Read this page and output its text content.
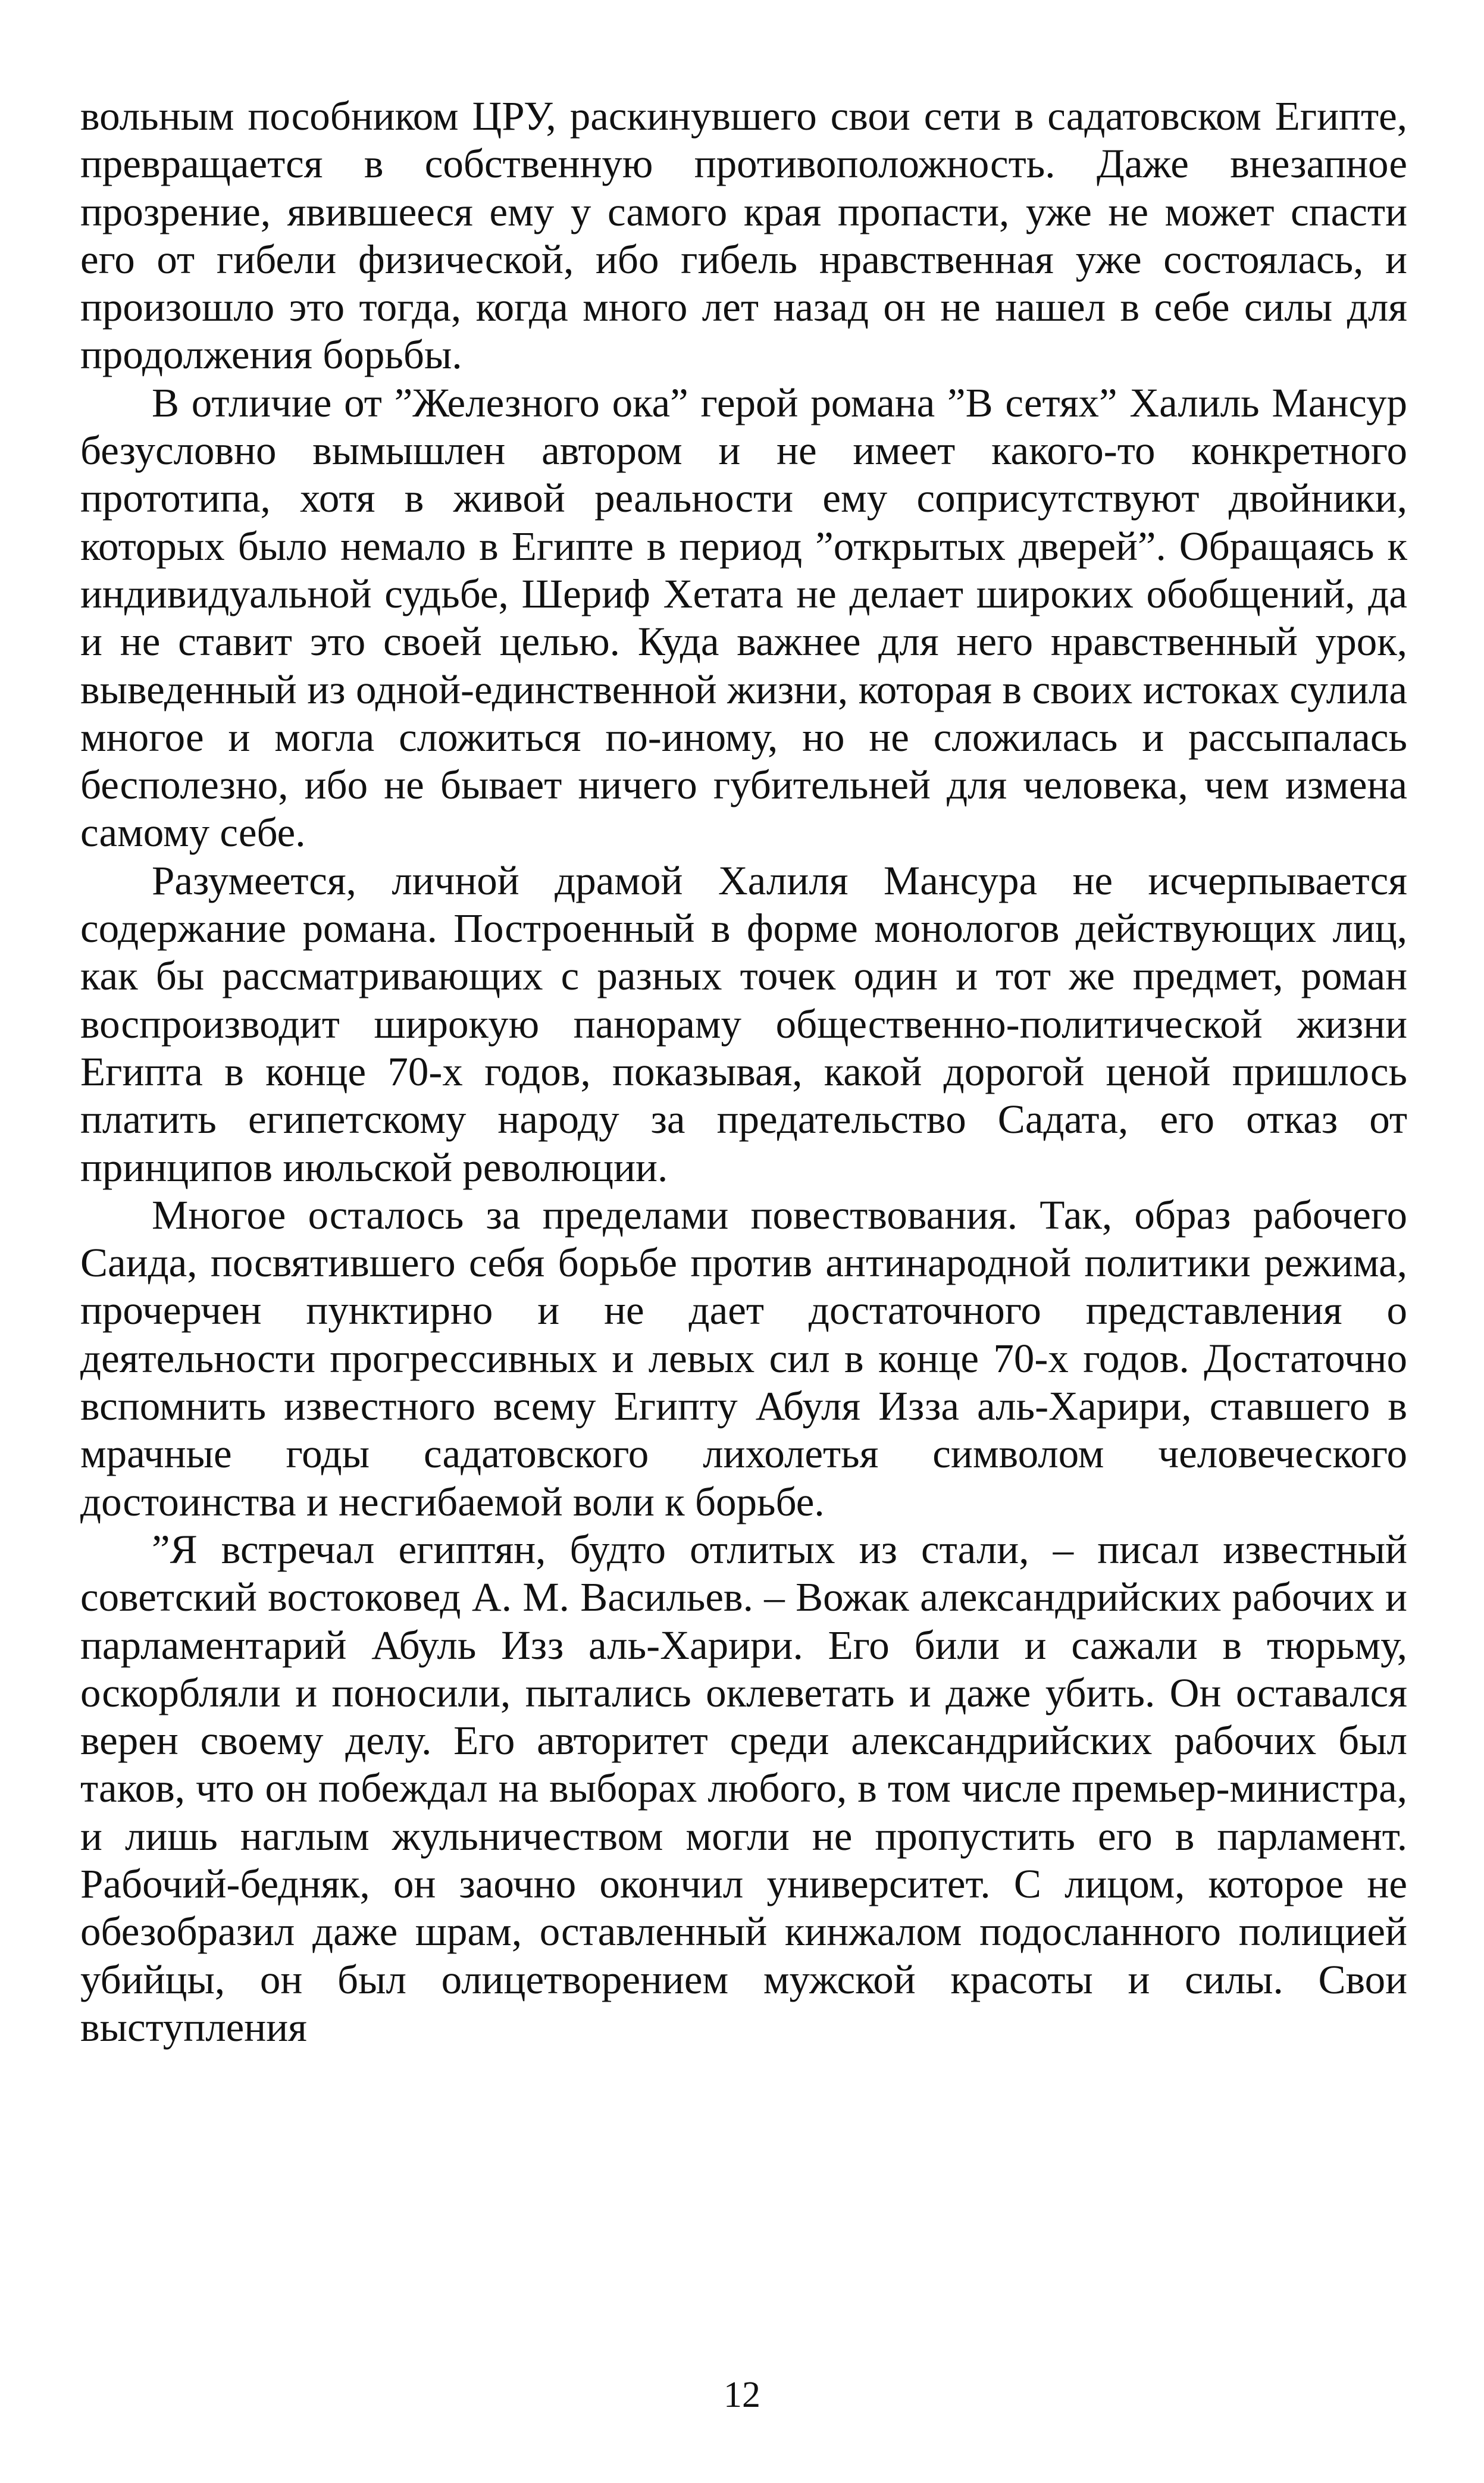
вольным пособником ЦРУ, раскинувшего свои сети в садатовском Египте, превращается в собственную противоположность. Даже внезапное прозрение, явившееся ему у самого края пропасти, уже не может спасти его от гибели физической, ибо гибель нравственная уже состоялась, и произошло это тогда, когда много лет назад он не нашел в себе силы для продолжения борьбы.

В отличие от ”Железного ока” герой романа ”В сетях” Халиль Мансур безусловно вымышлен автором и не имеет какого-то конкретного прототипа, хотя в живой реальности ему соприсутствуют двойники, которых было немало в Египте в период ”открытых дверей”. Обращаясь к индивидуальной судьбе, Шериф Хетата не делает широких обобщений, да и не ставит это своей целью. Куда важнее для него нравственный урок, выведенный из одной-единственной жизни, которая в своих истоках сулила многое и могла сложиться по-иному, но не сложилась и рассыпалась бесполезно, ибо не бывает ничего губительней для человека, чем измена самому себе.

Разумеется, личной драмой Халиля Мансура не исчерпывается содержание романа. Построенный в форме монологов действующих лиц, как бы рассматривающих с разных точек один и тот же предмет, роман воспроизводит широкую панораму общественно-политической жизни Египта в конце 70-х годов, показывая, какой дорогой ценой пришлось платить египетскому народу за предательство Садата, его отказ от принципов июльской революции.

Многое осталось за пределами повествования. Так, образ рабочего Саида, посвятившего себя борьбе против антинародной политики режима, прочерчен пунктирно и не дает достаточного представления о деятельности прогрессивных и левых сил в конце 70-х годов. Достаточно вспомнить известного всему Египту Абуля Изза аль-Харири, ставшего в мрачные годы садатовского лихолетья символом человеческого достоинства и несгибаемой воли к борьбе.

”Я встречал египтян, будто отлитых из стали, – писал известный советский востоковед А. М. Васильев. – Вожак александрийских рабочих и парламентарий Абуль Изз аль-Харири. Его били и сажали в тюрьму, оскорбляли и поносили, пытались оклеветать и даже убить. Он оставался верен своему делу. Его авторитет среди александрийских рабочих был таков, что он побеждал на выборах любого, в том числе премьер-министра, и лишь наглым жульничеством могли не пропустить его в парламент. Рабочий-бедняк, он заочно окончил университет. С лицом, которое не обезобразил даже шрам, оставленный кинжалом подосланного полицией убийцы, он был олицетворением мужской красоты и силы. Свои выступления

12
